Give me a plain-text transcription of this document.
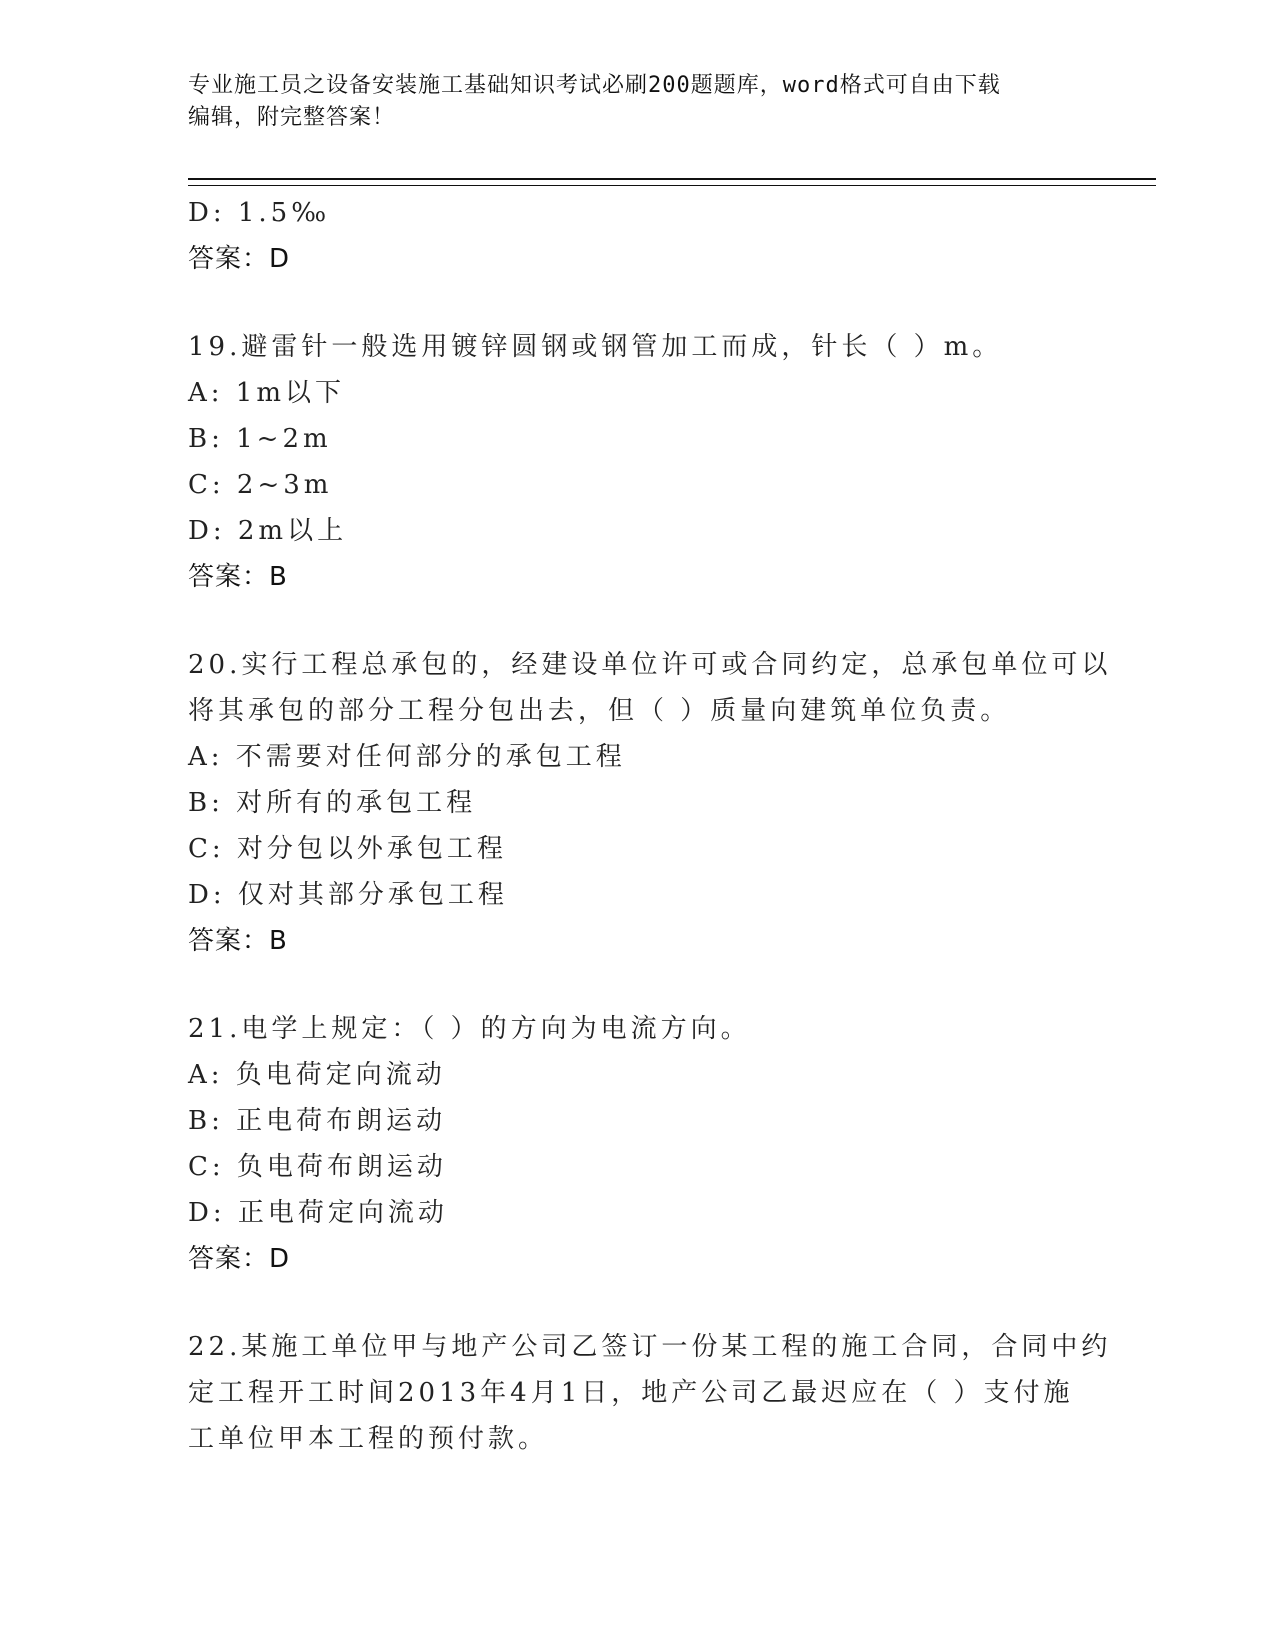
专业施工员之设备安装施工基础知识考试必刷200题题库，word格式可自由下载
编辑，附完整答案！
D: 1.5‰
答案：D
19.避雷针一般选用镀锌圆钢或钢管加工而成，针长（ ）m。
A: 1m以下
B: 1~2m
C: 2~3m
D: 2m以上
答案：B
20.实行工程总承包的，经建设单位许可或合同约定，总承包单位可以
将其承包的部分工程分包出去，但（ ）质量向建筑单位负责。
A: 不需要对任何部分的承包工程
B: 对所有的承包工程
C: 对分包以外承包工程
D: 仅对其部分承包工程
答案：B
21.电学上规定：（ ）的方向为电流方向。
A: 负电荷定向流动
B: 正电荷布朗运动
C: 负电荷布朗运动
D: 正电荷定向流动
答案：D
22.某施工单位甲与地产公司乙签订一份某工程的施工合同，合同中约
定工程开工时间2013年4月1日，地产公司乙最迟应在（ ）支付施
工单位甲本工程的预付款。
